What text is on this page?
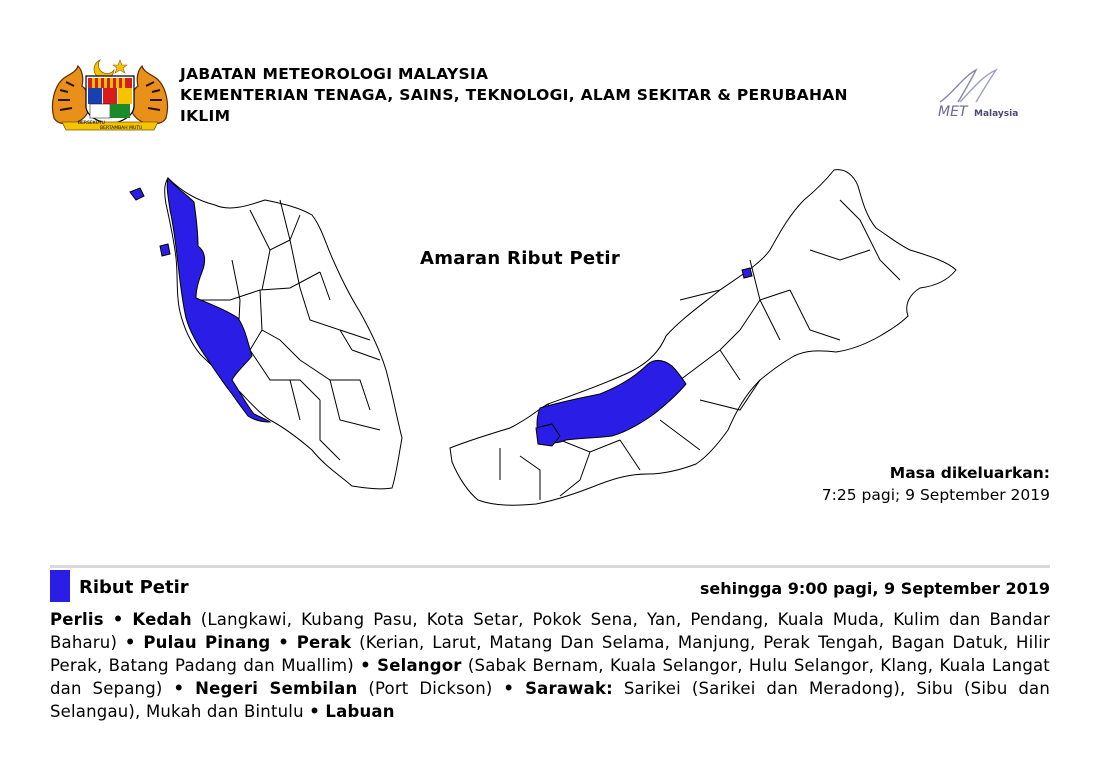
BERSEKUTU
BERTAMBAH MUTU
JABATAN METEOROLOGI MALAYSIA
KEMENTERIAN TENAGA, SAINS, TEKNOLOGI, ALAM SEKITAR & PERUBAHAN
IKLIM	MET Malaysia
Amaran Ribut Petir
Masa dikeluarkan:
7:25 pagi; 9 September 2019
Ribut Petir	sehingga 9:00 pagi, 9 September 2019
Perlis • Kedah (Langkawi, Kubang Pasu, Kota Setar, Pokok Sena, Yan, Pendang, Kuala Muda, Kulim dan Bandar Baharu) • Pulau Pinang • Perak (Kerian, Larut, Matang Dan Selama, Manjung, Perak Tengah, Bagan Datuk, Hilir Perak, Batang Padang dan Muallim) • Selangor (Sabak Bernam, Kuala Selangor, Hulu Selangor, Klang, Kuala Langat dan Sepang) • Negeri Sembilan (Port Dickson) • Sarawak: Sarikei (Sarikei dan Meradong), Sibu (Sibu dan Selangau), Mukah dan Bintulu • Labuan
